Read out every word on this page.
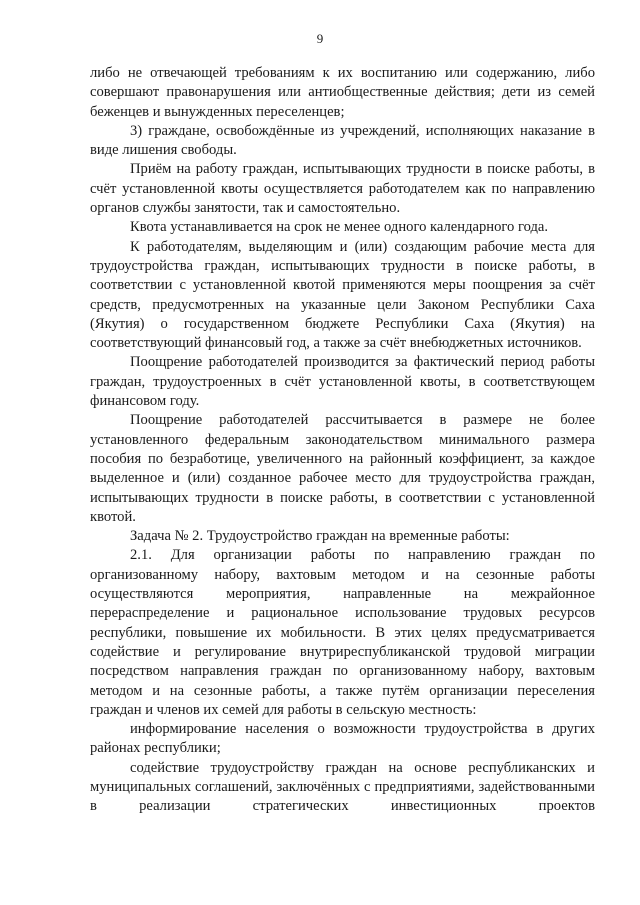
9

либо не отвечающей требованиям к их воспитанию или содержанию, либо совершают правонарушения или антиобщественные действия; дети из семей беженцев и вынужденных переселенцев;

3) граждане, освобождённые из учреждений, исполняющих наказание в виде лишения свободы.

Приём на работу граждан, испытывающих трудности в поиске работы, в счёт установленной квоты осуществляется работодателем как по направлению органов службы занятости, так и самостоятельно.

Квота устанавливается на срок не менее одного календарного года.

К работодателям, выделяющим и (или) создающим рабочие места для трудоустройства граждан, испытывающих трудности в поиске работы, в соответствии с установленной квотой применяются меры поощрения за счёт средств, предусмотренных на указанные цели Законом Республики Саха (Якутия) о государственном бюджете Республики Саха (Якутия) на соответствующий финансовый год, а также за счёт внебюджетных источников.

Поощрение работодателей производится за фактический период работы граждан, трудоустроенных в счёт установленной квоты, в соответствующем финансовом году.

Поощрение работодателей рассчитывается в размере не более установленного федеральным законодательством минимального размера пособия по безработице, увеличенного на районный коэффициент, за каждое выделенное и (или) созданное рабочее место для трудоустройства граждан, испытывающих трудности в поиске работы, в соответствии с установленной квотой.

Задача № 2. Трудоустройство граждан на временные работы:

2.1. Для организации работы по направлению граждан по организованному набору, вахтовым методом и на сезонные работы осуществляются мероприятия, направленные на межрайонное перераспределение и рациональное использование трудовых ресурсов республики, повышение их мобильности. В этих целях предусматривается содействие и регулирование внутриреспубликанской трудовой миграции посредством направления граждан по организованному набору, вахтовым методом и на сезонные работы, а также путём организации переселения граждан и членов их семей для работы в сельскую местность:

информирование населения о возможности трудоустройства в других районах республики;

содействие трудоустройству граждан на основе республиканских и муниципальных соглашений, заключённых с предприятиями, задействованными в реализации стратегических инвестиционных проектов
